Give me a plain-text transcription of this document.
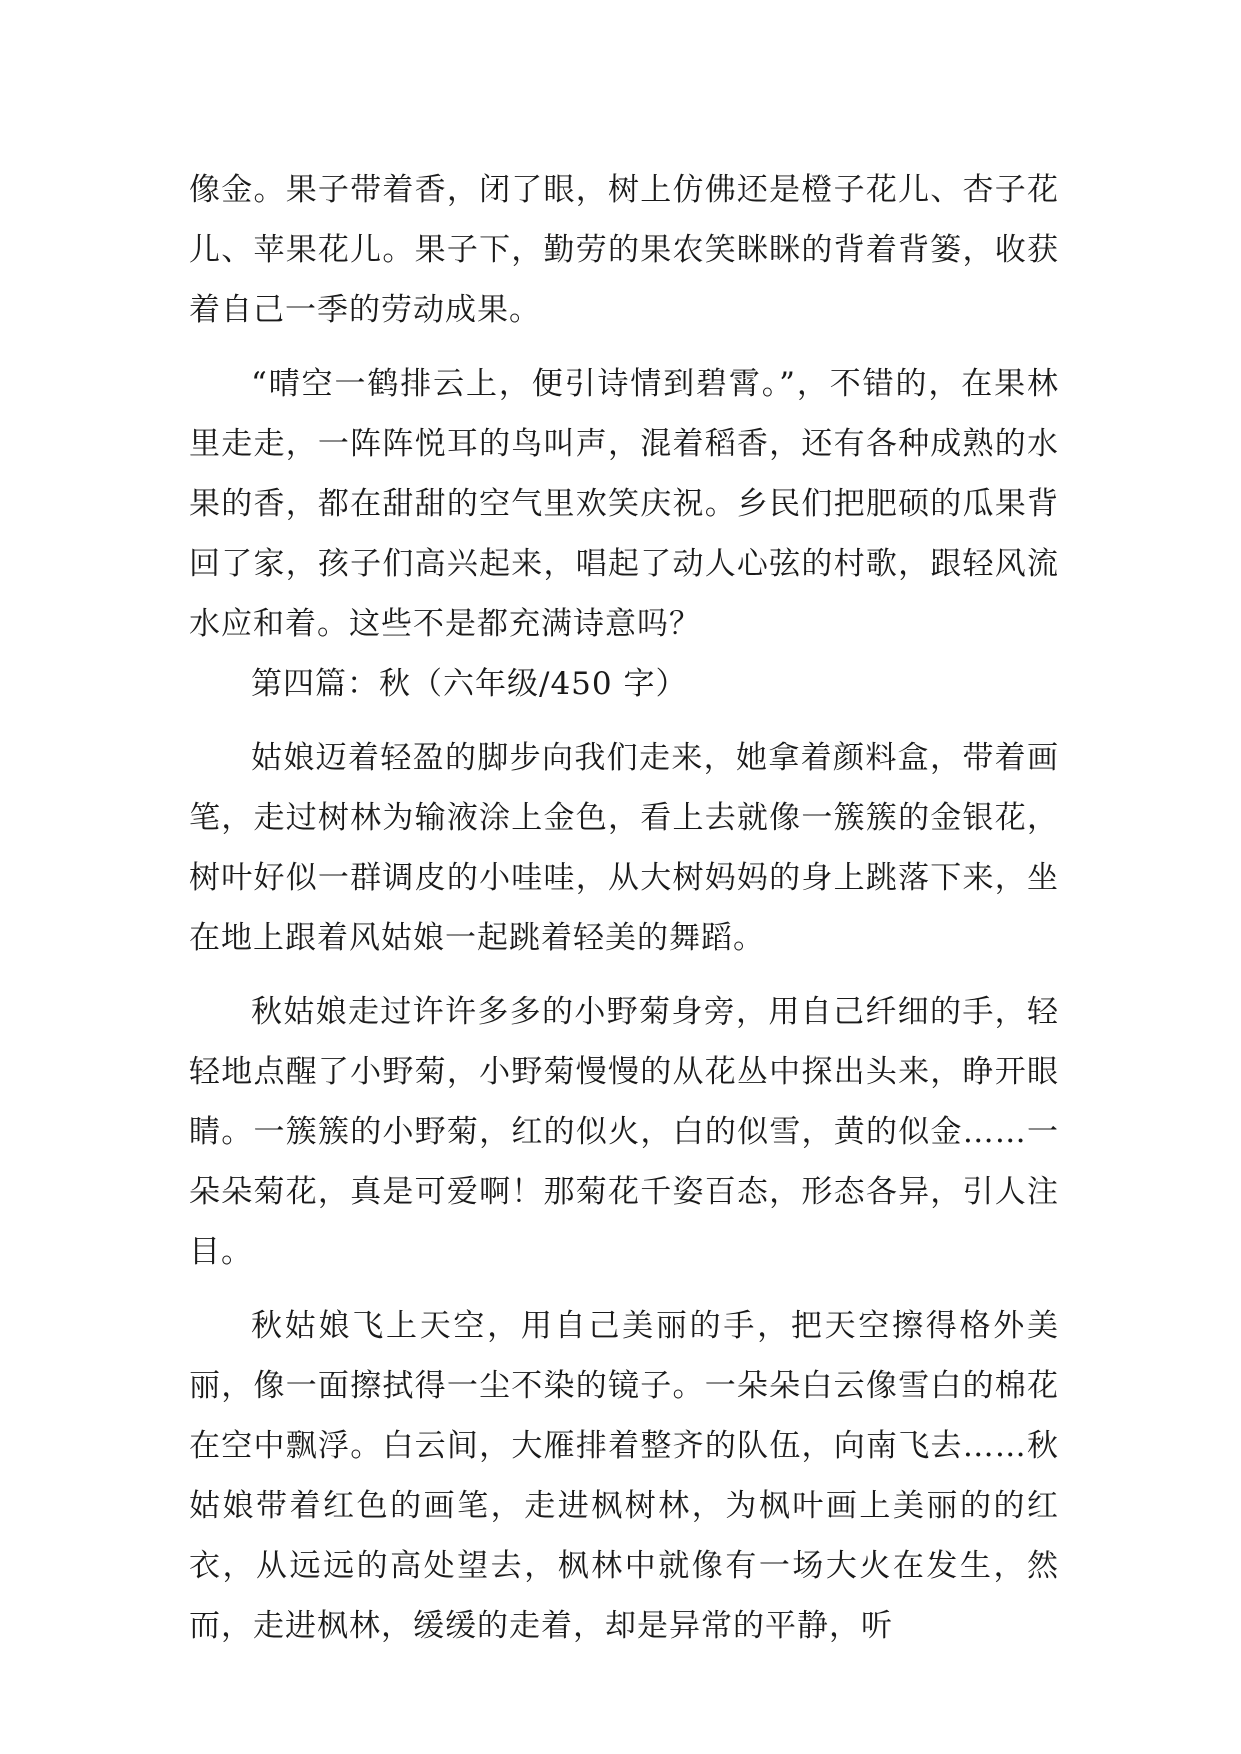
像金。果子带着香，闭了眼，树上仿佛还是橙子花儿、杏子花儿、苹果花儿。果子下，勤劳的果农笑眯眯的背着背篓，收获着自己一季的劳动成果。

“晴空一鹤排云上，便引诗情到碧霄。”，不错的，在果林里走走，一阵阵悦耳的鸟叫声，混着稻香，还有各种成熟的水果的香，都在甜甜的空气里欢笑庆祝。乡民们把肥硕的瓜果背回了家，孩子们高兴起来，唱起了动人心弦的村歌，跟轻风流水应和着。这些不是都充满诗意吗？

第四篇：秋（六年级/450 字）

姑娘迈着轻盈的脚步向我们走来，她拿着颜料盒，带着画笔，走过树林为输液涂上金色，看上去就像一簇簇的金银花，树叶好似一群调皮的小哇哇，从大树妈妈的身上跳落下来，坐在地上跟着风姑娘一起跳着轻美的舞蹈。

秋姑娘走过许许多多的小野菊身旁，用自己纤细的手，轻轻地点醒了小野菊，小野菊慢慢的从花丛中探出头来，睁开眼睛。一簇簇的小野菊，红的似火，白的似雪，黄的似金……一朵朵菊花，真是可爱啊！那菊花千姿百态，形态各异，引人注目。

秋姑娘飞上天空，用自己美丽的手，把天空擦得格外美丽，像一面擦拭得一尘不染的镜子。一朵朵白云像雪白的棉花在空中飘浮。白云间，大雁排着整齐的队伍，向南飞去……秋姑娘带着红色的画笔，走进枫树林，为枫叶画上美丽的的红衣，从远远的高处望去，枫林中就像有一场大火在发生，然而，走进枫林，缓缓的走着，却是异常的平静，听
